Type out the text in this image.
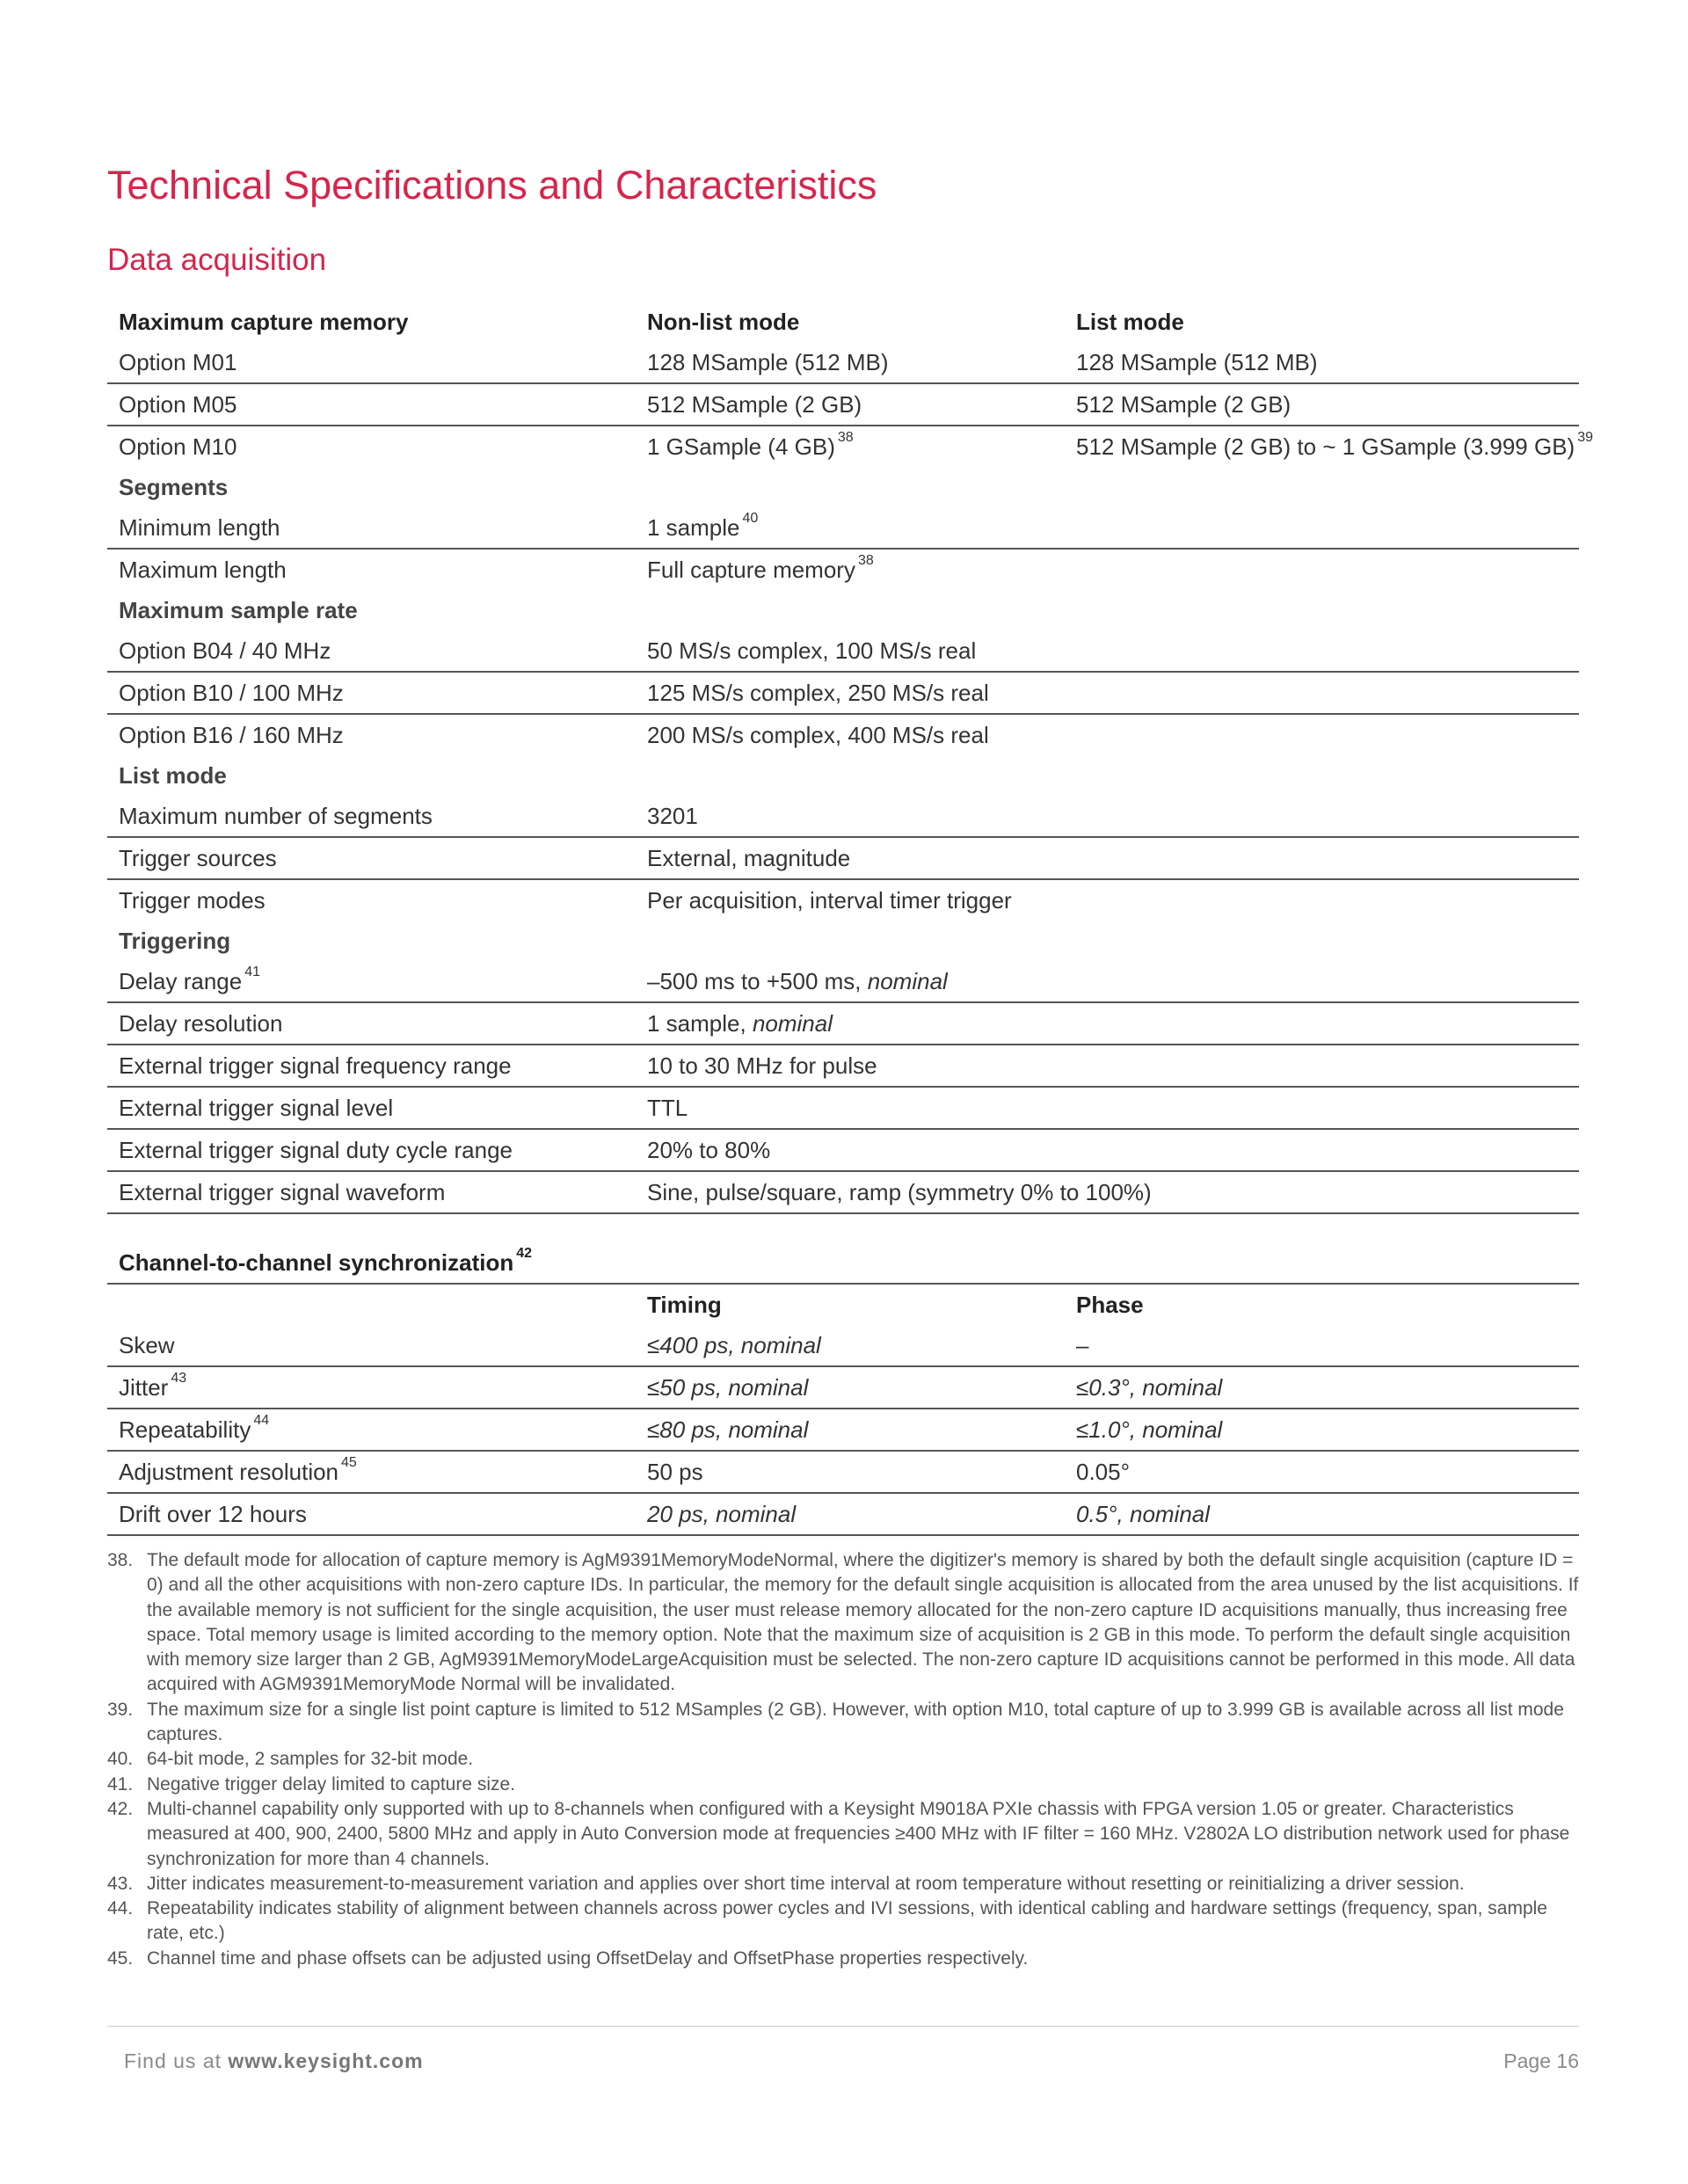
Technical Specifications and Characteristics
Data acquisition
Maximum capture memory	Non-list mode	List mode
Option M01	128 MSample (512 MB)	128 MSample (512 MB)
Option M05	512 MSample (2 GB)	512 MSample (2 GB)
Option M10	1 GSample (4 GB) $^{38}$	512 MSample (2 GB) to ~ 1 GSample (3.999 GB) $^{39}$
Segments		
Minimum length	1 sample $^{40}$
Maximum length	Full capture memory $^{38}$
Maximum sample rate		
Option B04 / 40 MHz	50 MS/s complex, 100 MS/s real	
Option B10 / 100 MHz	125 MS/s complex, 250 MS/s real	
Option B16 / 160 MHz	200 MS/s complex, 400 MS/s real	
List mode		
Maximum number of segments	3201	
Trigger sources	External, magnitude	
Trigger modes	Per acquisition, interval timer trigger	
Triggering		
Delay range $^{41}$	–500 ms to +500 ms, nominal	
Delay resolution	1 sample, nominal	
External trigger signal frequency range	10 to 30 MHz for pulse	
External trigger signal level	TTL	
External trigger signal duty cycle range	20% to 80%	
External trigger signal waveform	Sine, pulse/square, ramp (symmetry 0% to 100%)	
Channel-to-channel synchronization $^{42}$
	Timing	Phase
Skew	≤400 ps, nominal	–
Jitter $^{43}$	≤50 ps, nominal	≤0.3°, nominal
Repeatability $^{44}$	≤80 ps, nominal	≤1.0°, nominal
Adjustment resolution $^{45}$	50 ps	0.05°
Drift over 12 hours	20 ps, nominal	0.5°, nominal
38. The default mode for allocation of capture memory is AgM9391MemoryModeNormal, where the digitizer's memory is shared by both the default single acquisition (capture ID = 0) and all the other acquisitions with non-zero capture IDs. In particular, the memory for the default single acquisition is allocated from the area unused by the list acquisitions. If the available memory is not sufficient for the single acquisition, the user must release memory allocated for the non-zero capture ID acquisitions manually, thus increasing free space. Total memory usage is limited according to the memory option. Note that the maximum size of acquisition is 2 GB in this mode. To perform the default single acquisition with memory size larger than 2 GB, AgM9391MemoryModeLargeAcquisition must be selected. The non-zero capture ID acquisitions cannot be performed in this mode. All data acquired with AGM9391MemoryMode Normal will be invalidated.
39. The maximum size for a single list point capture is limited to 512 MSamples (2 GB). However, with option M10, total capture of up to 3.999 GB is available across all list mode captures.
40. 64-bit mode, 2 samples for 32-bit mode.
41. Negative trigger delay limited to capture size.
42. Multi-channel capability only supported with up to 8-channels when configured with a Keysight M9018A PXIe chassis with FPGA version 1.05 or greater. Characteristics measured at 400, 900, 2400, 5800 MHz and apply in Auto Conversion mode at frequencies ≥400 MHz with IF filter = 160 MHz. V2802A LO distribution network used for phase synchronization for more than 4 channels.
43. Jitter indicates measurement-to-measurement variation and applies over short time interval at room temperature without resetting or reinitializing a driver session.
44. Repeatability indicates stability of alignment between channels across power cycles and IVI sessions, with identical cabling and hardware settings (frequency, span, sample rate, etc.)
45. Channel time and phase offsets can be adjusted using OffsetDelay and OffsetPhase properties respectively.
Find us at www.keysight.com	Page 16
